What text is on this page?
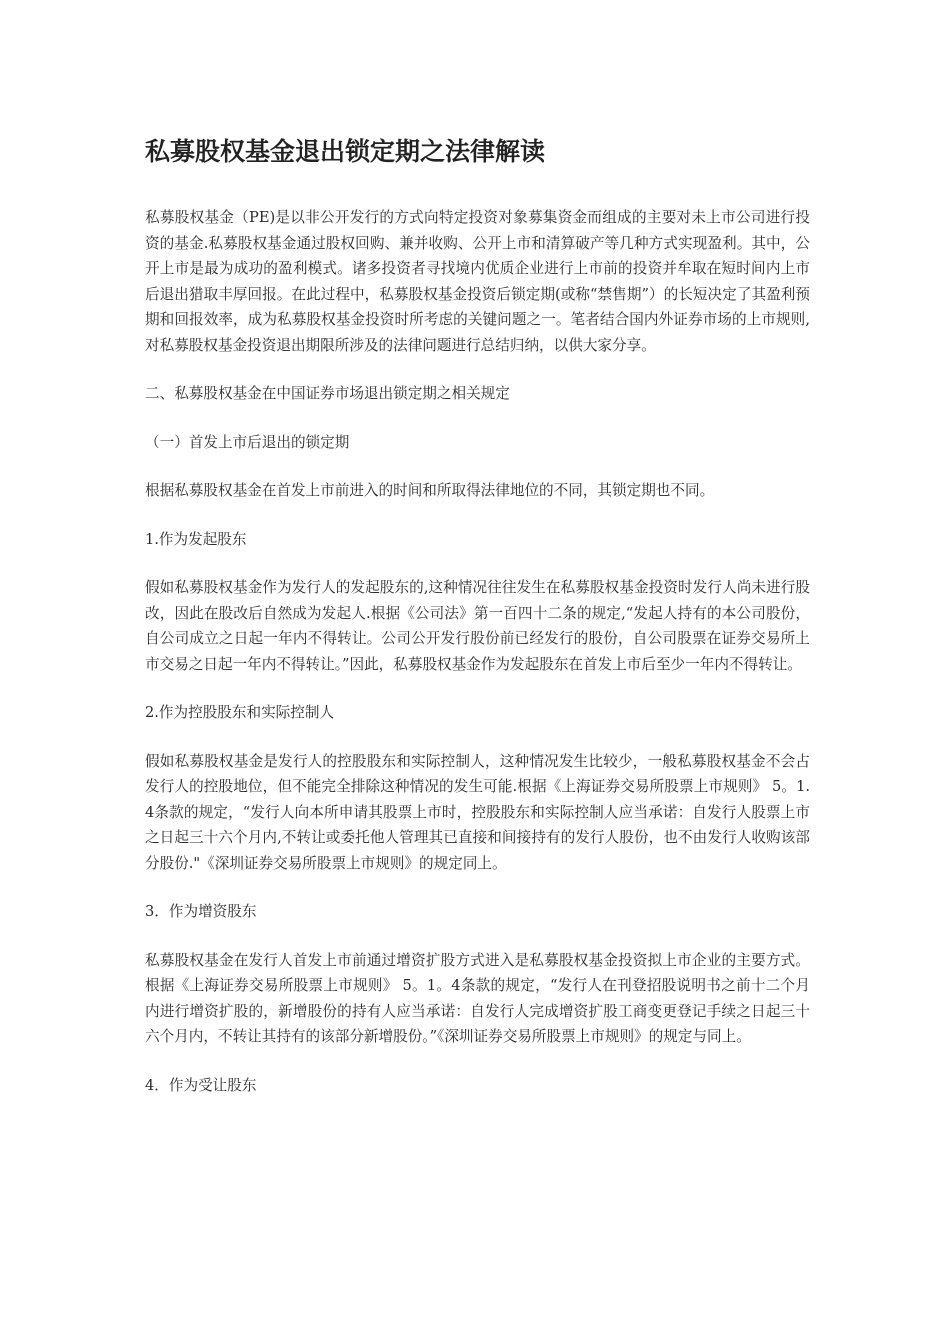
私募股权基金退出锁定期之法律解读

私募股权基金（PE)是以非公开发行的方式向特定投资对象募集资金而组成的主要对未上市公司进行投资的基金.私募股权基金通过股权回购、兼并收购、公开上市和清算破产等几种方式实现盈利。其中，公开上市是最为成功的盈利模式。诸多投资者寻找境内优质企业进行上市前的投资并牟取在短时间内上市后退出猎取丰厚回报。在此过程中，私募股权基金投资后锁定期(或称“禁售期”）的长短决定了其盈利预期和回报效率，成为私募股权基金投资时所考虑的关键问题之一。笔者结合国内外证券市场的上市规则,对私募股权基金投资退出期限所涉及的法律问题进行总结归纳，以供大家分享。

二、私募股权基金在中国证券市场退出锁定期之相关规定

（一）首发上市后退出的锁定期

根据私募股权基金在首发上市前进入的时间和所取得法律地位的不同，其锁定期也不同。

1.作为发起股东

假如私募股权基金作为发行人的发起股东的,这种情况往往发生在私募股权基金投资时发行人尚未进行股改，因此在股改后自然成为发起人.根据《公司法》第一百四十二条的规定,“发起人持有的本公司股份，自公司成立之日起一年内不得转让。公司公开发行股份前已经发行的股份，自公司股票在证券交易所上市交易之日起一年内不得转让。”因此，私募股权基金作为发起股东在首发上市后至少一年内不得转让。

2.作为控股股东和实际控制人

假如私募股权基金是发行人的控股股东和实际控制人，这种情况发生比较少，一般私募股权基金不会占发行人的控股地位，但不能完全排除这种情况的发生可能.根据《上海证券交易所股票上市规则》 5。1.4条款的规定，“发行人向本所申请其股票上市时，控股股东和实际控制人应当承诺：自发行人股票上市之日起三十六个月内,不转让或委托他人管理其已直接和间接持有的发行人股份，也不由发行人收购该部分股份."《深圳证券交易所股票上市规则》的规定同上。

3．作为增资股东

私募股权基金在发行人首发上市前通过增资扩股方式进入是私募股权基金投资拟上市企业的主要方式。根据《上海证券交易所股票上市规则》 5。1。4条款的规定，“发行人在刊登招股说明书之前十二个月内进行增资扩股的，新增股份的持有人应当承诺：自发行人完成增资扩股工商变更登记手续之日起三十六个月内，不转让其持有的该部分新增股份。”《深圳证券交易所股票上市规则》的规定与同上。

4．作为受让股东
